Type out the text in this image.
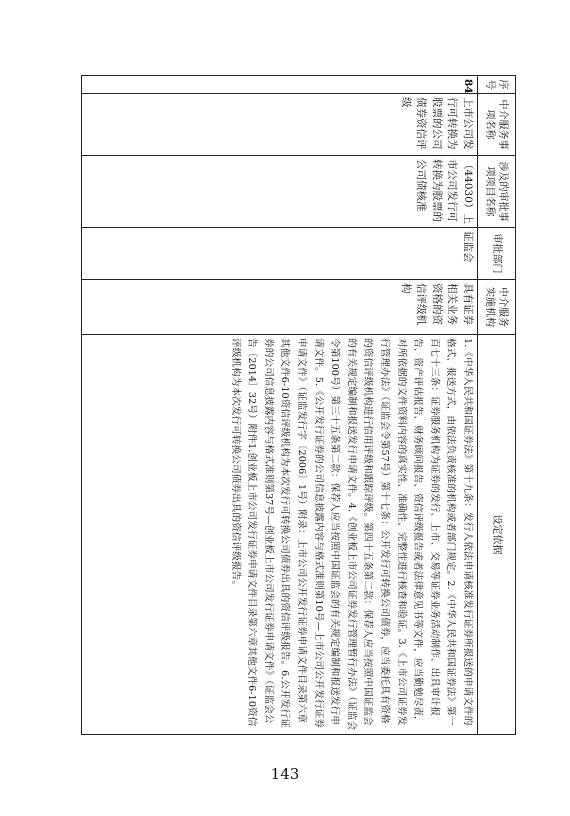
序号	中介服务事项名称	涉及的审批事项项目名称	审批部门	中介服务实施机构	设定依据
84	上市公司发行可转换为股票的公司债券资信评级	（44030）上市公司发行可转换为股票的公司债核准	证监会	具有证券相关业务资格的资信评级机构	1.《中华人民共和国证券法》第十九条：发行人依法申请核准发行证券所报送的申请文件的格式、报送方式，由依法负责核准的机构或者部门规定。2.《中华人民共和国证券法》第一百七十三条：证券服务机构为证券的发行、上市、交易等证券业务活动制作、出具审计报告、资产评估报告、财务顾问报告、资信评级报告或者法律意见书等文件，应当勤勉尽责，对所依据的文件资料内容的真实性、准确性、完整性进行核查和验证。3.《上市公司证券发行管理办法》（证监会令第57号）第十七条：公开发行可转换公司债券，应当委托具有资格的资信评级机构进行信用评级和跟踪评级。第四十五条第二款：保荐人应当按照中国证监会的有关规定编制和报送发行申请文件。4.《创业板上市公司证券发行管理暂行办法》（证监会令第100号）第三十五条第二款：保荐人应当按照中国证监会的有关规定编制和报送发行申请文件。5.《公开发行证券的公司信息披露内容与格式准则第10号—上市公司公开发行证券申请文件》（证监发行字〔2006〕1号）附录：上市公司公开发行证券申请文件目录第六章其他文件6-10资信评级机构为本次发行可转换公司债券出具的资信评级报告。6.公开发行证券的公司信息披露内容与格式准则第37号—创业板上市公司发行证券申请文件》（证监会公告〔2014〕32号）附件1.创业板上市公司发行证券申请文件目录第六章其他文件6-10资信评级机构为本次发行可转换公司债券出具的资信评级报告。
143
